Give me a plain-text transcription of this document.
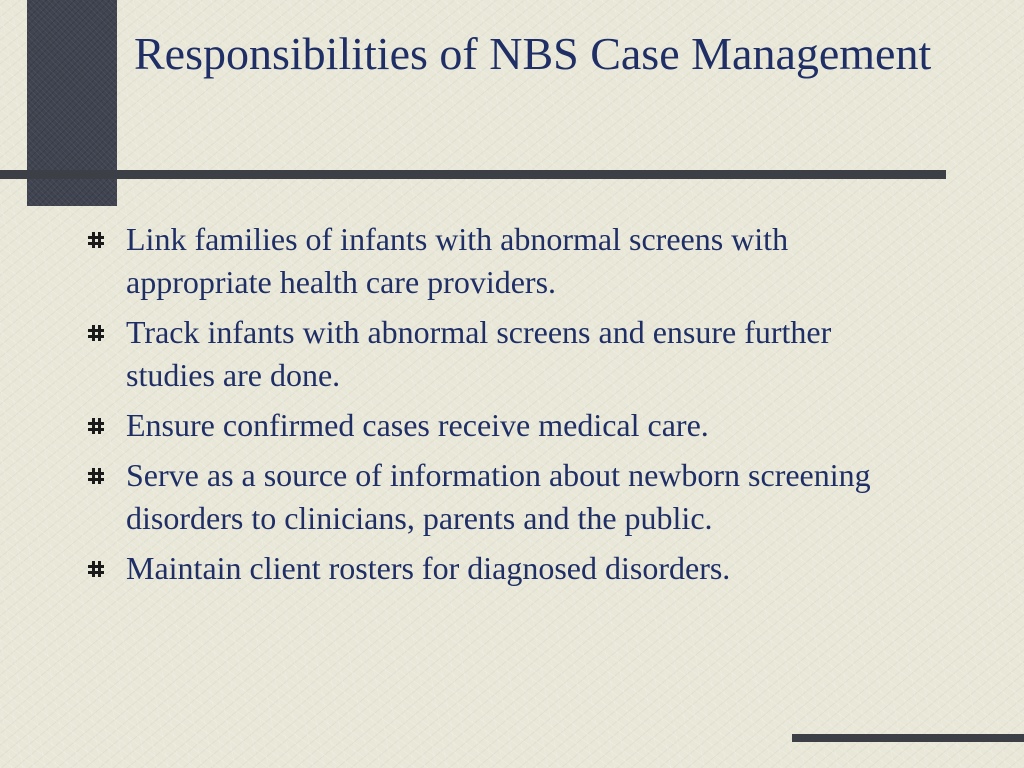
Responsibilities of NBS Case Management
Link families of infants with abnormal screens with appropriate health care providers.
Track infants with abnormal screens and ensure further studies are done.
Ensure confirmed cases receive medical care.
Serve as a source of information about newborn screening disorders to clinicians, parents and the public.
Maintain client rosters for diagnosed disorders.
